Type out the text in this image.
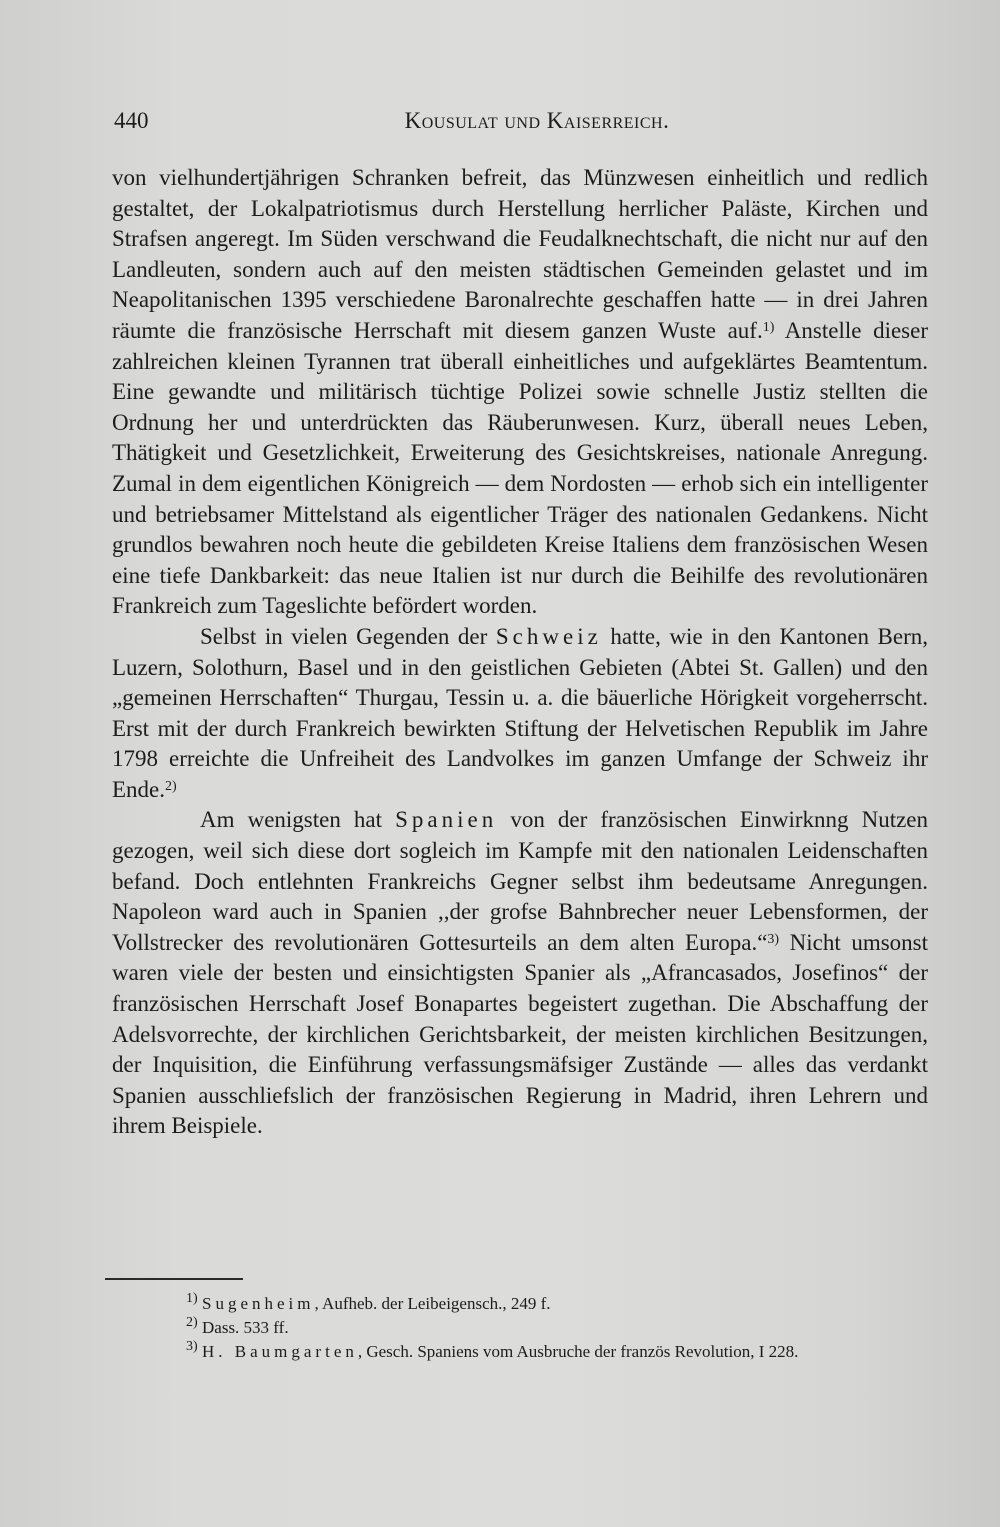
440	Kousulat und Kaiserreich.

von vielhundertjährigen Schranken befreit, das Münzwesen einheitlich und redlich gestaltet, der Lokalpatriotismus durch Herstellung herrlicher Paläste, Kirchen und Strafsen angeregt. Im Süden verschwand die Feudalknechtschaft, die nicht nur auf den Landleuten, sondern auch auf den meisten städtischen Gemeinden gelastet und im Neapolitanischen 1395 verschiedene Baronalrechte geschaffen hatte — in drei Jahren räumte die französische Herrschaft mit diesem ganzen Wuste auf.$^{1)}$ Anstelle dieser zahlreichen kleinen Tyrannen trat überall einheitliches und aufgeklärtes Beamtentum. Eine gewandte und militärisch tüchtige Polizei sowie schnelle Justiz stellten die Ordnung her und unterdrückten das Räuberunwesen. Kurz, überall neues Leben, Thätigkeit und Gesetzlichkeit, Erweiterung des Gesichtskreises, nationale Anregung. Zumal in dem eigentlichen Königreich — dem Nordosten — erhob sich ein intelligenter und betriebsamer Mittelstand als eigentlicher Träger des nationalen Gedankens. Nicht grundlos bewahren noch heute die gebildeten Kreise Italiens dem französischen Wesen eine tiefe Dankbarkeit: das neue Italien ist nur durch die Beihilfe des revolutionären Frankreich zum Tageslichte befördert worden.

Selbst in vielen Gegenden der Schweiz hatte, wie in den Kantonen Bern, Luzern, Solothurn, Basel und in den geistlichen Gebieten (Abtei St. Gallen) und den „gemeinen Herrschaften“ Thurgau, Tessin u. a. die bäuerliche Hörigkeit vorgeherrscht. Erst mit der durch Frankreich bewirkten Stiftung der Helvetischen Republik im Jahre 1798 erreichte die Unfreiheit des Landvolkes im ganzen Umfange der Schweiz ihr Ende.$^{2)}$

Am wenigsten hat Spanien von der französischen Einwirknng Nutzen gezogen, weil sich diese dort sogleich im Kampfe mit den nationalen Leidenschaften befand. Doch entlehnten Frankreichs Gegner selbst ihm bedeutsame Anregungen. Napoleon ward auch in Spanien ,,der grofse Bahnbrecher neuer Lebensformen, der Vollstrecker des revolutionären Gottesurteils an dem alten Europa.“$^{3)}$ Nicht umsonst waren viele der besten und einsichtigsten Spanier als „Afrancasados, Josefinos“ der französischen Herrschaft Josef Bonapartes begeistert zugethan. Die Abschaffung der Adelsvorrechte, der kirchlichen Gerichtsbarkeit, der meisten kirchlichen Besitzungen, der Inquisition, die Einführung verfassungsmäfsiger Zustände — alles das verdankt Spanien ausschliefslich der französischen Regierung in Madrid, ihren Lehrern und ihrem Beispiele.

$^{1)}$ Sugenheim, Aufheb. der Leibeigensch., 249 f.
$^{2)}$ Dass. 533 ff.
$^{3)}$ H. Baumgarten, Gesch. Spaniens vom Ausbruche der französ Revolution, I 228.
